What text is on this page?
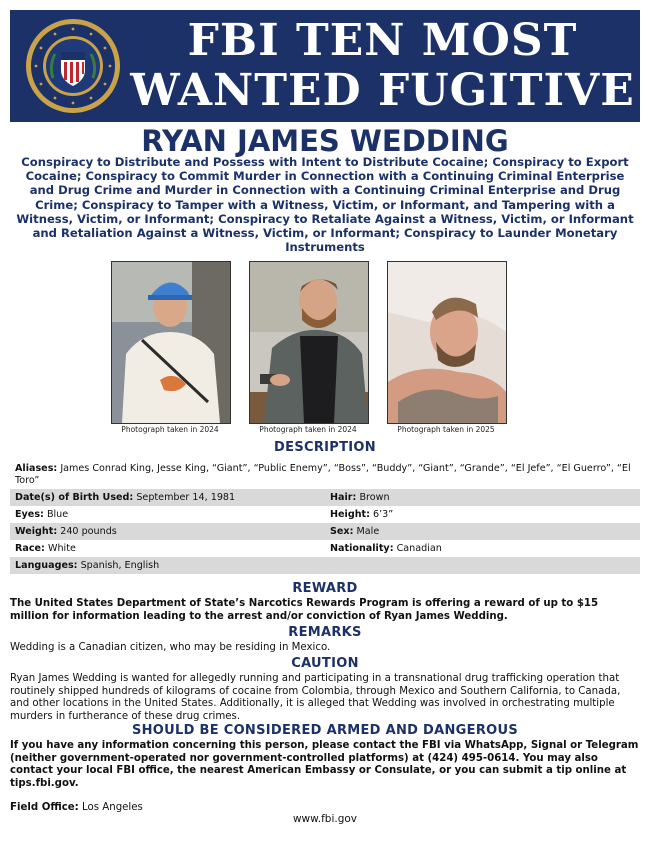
FBI TEN MOST
WANTED FUGITIVE
RYAN JAMES WEDDING
Conspiracy to Distribute and Possess with Intent to Distribute Cocaine; Conspiracy to Export Cocaine; Conspiracy to Commit Murder in Connection with a Continuing Criminal Enterprise and Drug Crime and Murder in Connection with a Continuing Criminal Enterprise and Drug Crime; Conspiracy to Tamper with a Witness, Victim, or Informant, and Tampering with a Witness, Victim, or Informant; Conspiracy to Retaliate Against a Witness, Victim, or Informant and Retaliation Against a Witness, Victim, or Informant; Conspiracy to Launder Monetary Instruments
Photograph taken in 2024	Photograph taken in 2024	Photograph taken in 2025
DESCRIPTION
Aliases: James Conrad King, Jesse King, “Giant”, “Public Enemy”, “Boss”, “Buddy”, “Giant”, “Grande”, “El Jefe”, “El Guerro”, “El Toro”
Date(s) of Birth Used: September 14, 1981	Hair: Brown
Eyes: Blue	Height: 6’3”
Weight: 240 pounds	Sex: Male
Race: White	Nationality: Canadian
Languages: Spanish, English
REWARD
The United States Department of State’s Narcotics Rewards Program is offering a reward of up to $15 million for information leading to the arrest and/or conviction of Ryan James Wedding.
REMARKS
Wedding is a Canadian citizen, who may be residing in Mexico.
CAUTION
Ryan James Wedding is wanted for allegedly running and participating in a transnational drug trafficking operation that routinely shipped hundreds of kilograms of cocaine from Colombia, through Mexico and Southern California, to Canada, and other locations in the United States. Additionally, it is alleged that Wedding was involved in orchestrating multiple murders in furtherance of these drug crimes.
SHOULD BE CONSIDERED ARMED AND DANGEROUS
If you have any information concerning this person, please contact the FBI via WhatsApp, Signal or Telegram (neither government-operated nor government-controlled platforms) at (424) 495-0614. You may also contact your local FBI office, the nearest American Embassy or Consulate, or you can submit a tip online at tips.fbi.gov.
Field Office: Los Angeles
www.fbi.gov
